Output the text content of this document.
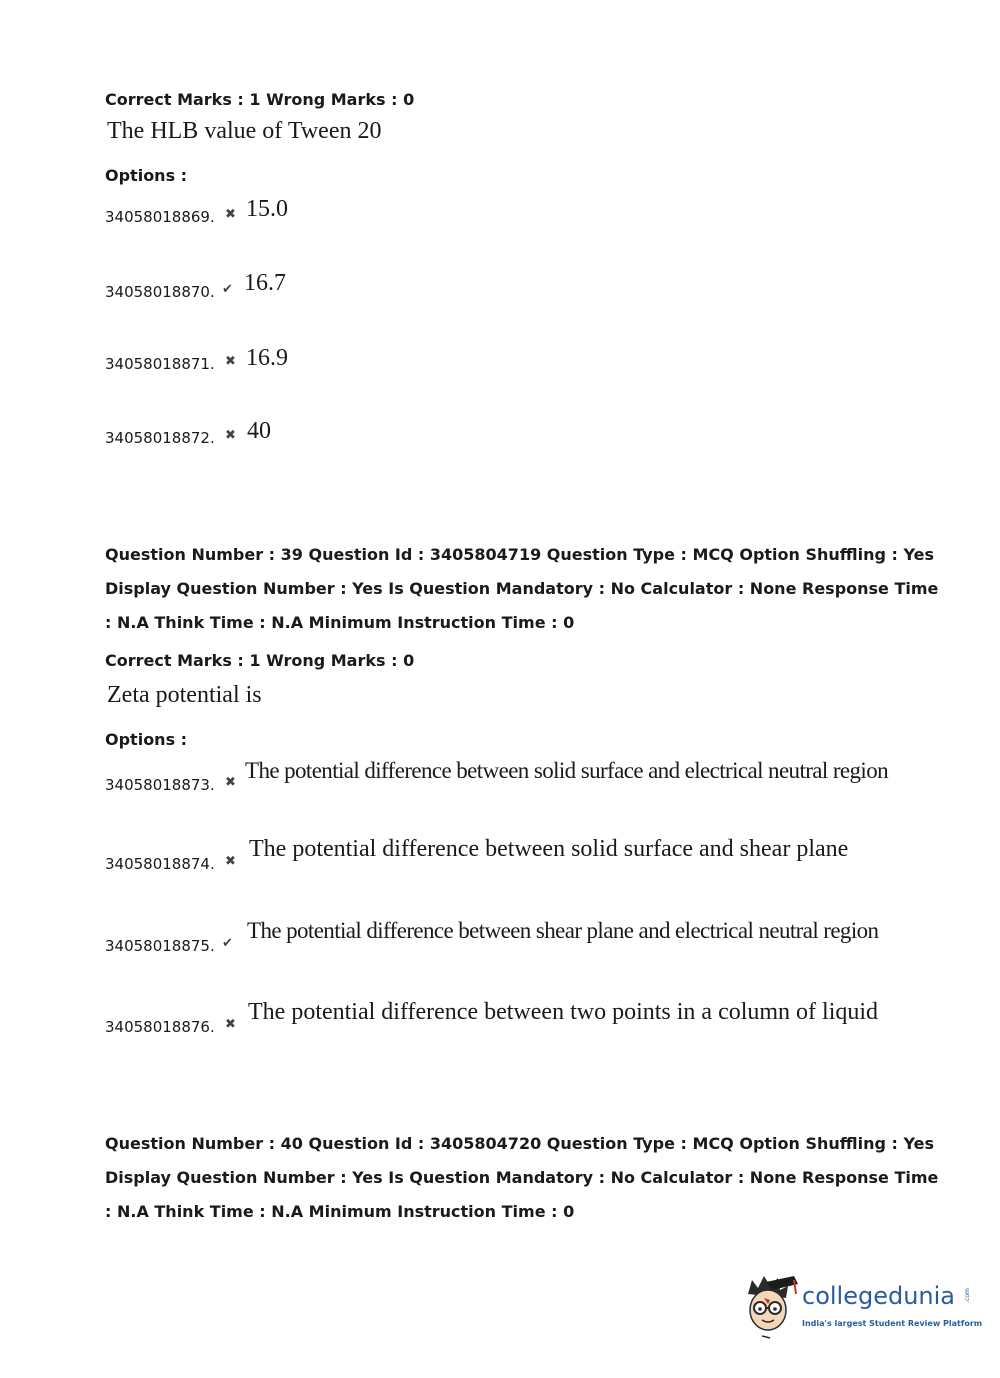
Correct Marks : 1 Wrong Marks : 0
The HLB value of Tween 20
Options :
34058018869. ✖ 15.0
34058018870. ✔ 16.7
34058018871. ✖ 16.9
34058018872. ✖ 40
Question Number : 39 Question Id : 3405804719 Question Type : MCQ Option Shuffling : Yes
Display Question Number : Yes Is Question Mandatory : No Calculator : None Response Time
: N.A Think Time : N.A Minimum Instruction Time : 0
Correct Marks : 1 Wrong Marks : 0
Zeta potential is
Options :
34058018873. ✖ The potential difference between solid surface and electrical neutral region
34058018874. ✖ The potential difference between solid surface and shear plane
34058018875. ✔
The potential difference between shear plane and electrical neutral region
34058018876. ✖ The potential difference between two points in a column of liquid
Question Number : 40 Question Id : 3405804720 Question Type : MCQ Option Shuffling : Yes
Display Question Number : Yes Is Question Mandatory : No Calculator : None Response Time
: N.A Think Time : N.A Minimum Instruction Time : 0
collegedunia .com
India's largest Student Review Platform
